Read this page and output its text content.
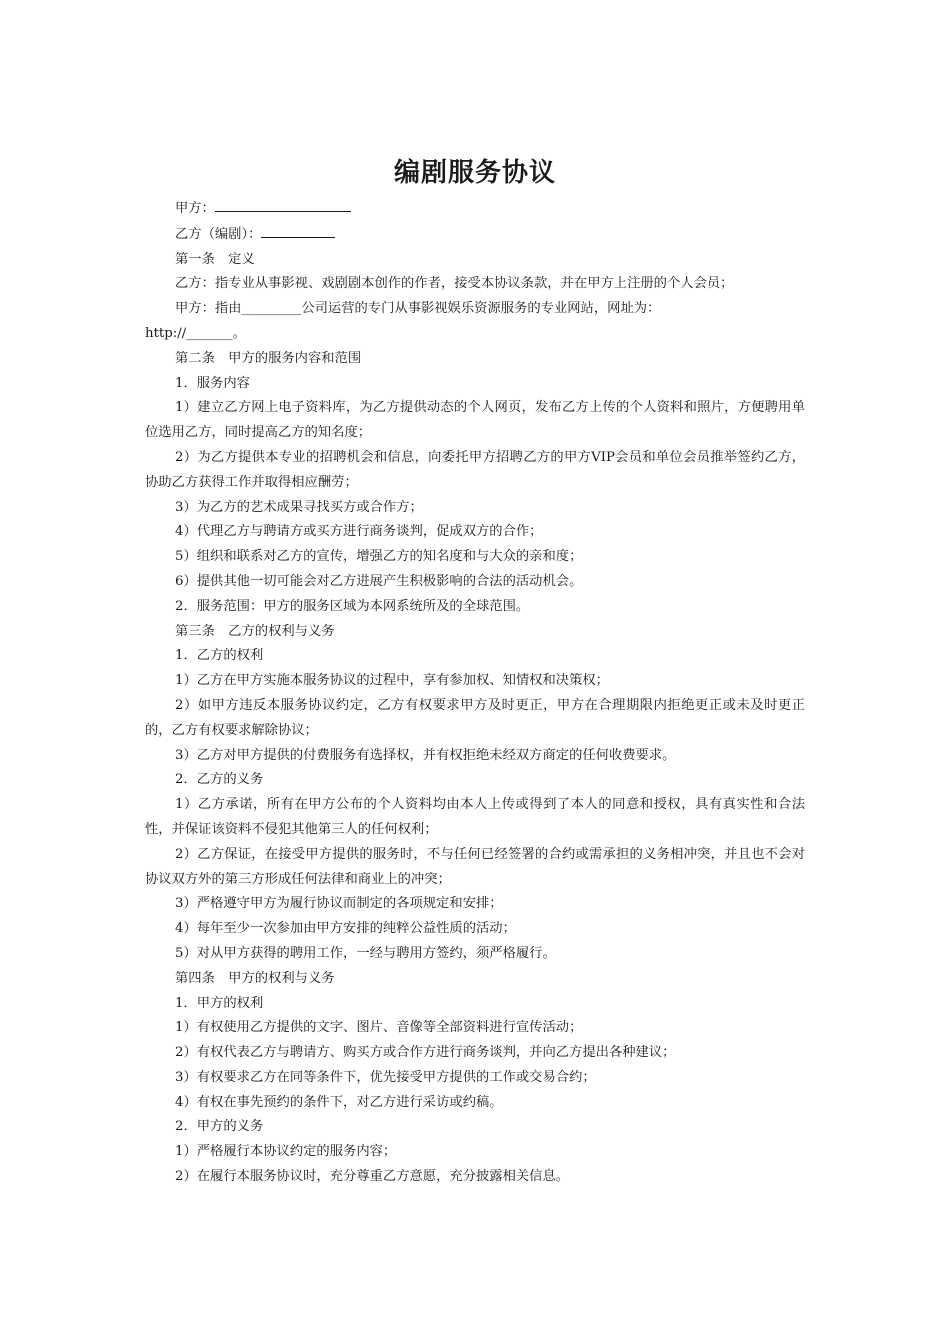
编剧服务协议

甲方：

乙方（编剧）：

第一条　定义

乙方：指专业从事影视、戏剧剧本创作的作者，接受本协议条款，并在甲方上注册的个人会员；

甲方：指由_________公司运营的专门从事影视娱乐资源服务的专业网站，网址为：

http://_______。

第二条　甲方的服务内容和范围

1．服务内容

1）建立乙方网上电子资料库，为乙方提供动态的个人网页，发布乙方上传的个人资料和照片，方便聘用单位选用乙方，同时提高乙方的知名度；

2）为乙方提供本专业的招聘机会和信息，向委托甲方招聘乙方的甲方VIP会员和单位会员推举签约乙方，协助乙方获得工作并取得相应酬劳；

3）为乙方的艺术成果寻找买方或合作方；

4）代理乙方与聘请方或买方进行商务谈判，促成双方的合作；

5）组织和联系对乙方的宣传，增强乙方的知名度和与大众的亲和度；

6）提供其他一切可能会对乙方进展产生积极影响的合法的活动机会。

2．服务范围：甲方的服务区域为本网系统所及的全球范围。

第三条　乙方的权利与义务

1．乙方的权利

1）乙方在甲方实施本服务协议的过程中，享有参加权、知情权和决策权；

2）如甲方违反本服务协议约定，乙方有权要求甲方及时更正，甲方在合理期限内拒绝更正或未及时更正的，乙方有权要求解除协议；

3）乙方对甲方提供的付费服务有选择权，并有权拒绝未经双方商定的任何收费要求。

2．乙方的义务

1）乙方承诺，所有在甲方公布的个人资料均由本人上传或得到了本人的同意和授权，具有真实性和合法性，并保证该资料不侵犯其他第三人的任何权利；

2）乙方保证，在接受甲方提供的服务时，不与任何已经签署的合约或需承担的义务相冲突，并且也不会对协议双方外的第三方形成任何法律和商业上的冲突；

3）严格遵守甲方为履行协议而制定的各项规定和安排；

4）每年至少一次参加由甲方安排的纯粹公益性质的活动；

5）对从甲方获得的聘用工作，一经与聘用方签约，须严格履行。

第四条　甲方的权利与义务

1．甲方的权利

1）有权使用乙方提供的文字、图片、音像等全部资料进行宣传活动；

2）有权代表乙方与聘请方、购买方或合作方进行商务谈判，并向乙方提出各种建议；

3）有权要求乙方在同等条件下，优先接受甲方提供的工作或交易合约；

4）有权在事先预约的条件下，对乙方进行采访或约稿。

2．甲方的义务

1）严格履行本协议约定的服务内容；

2）在履行本服务协议时，充分尊重乙方意愿，充分披露相关信息。
